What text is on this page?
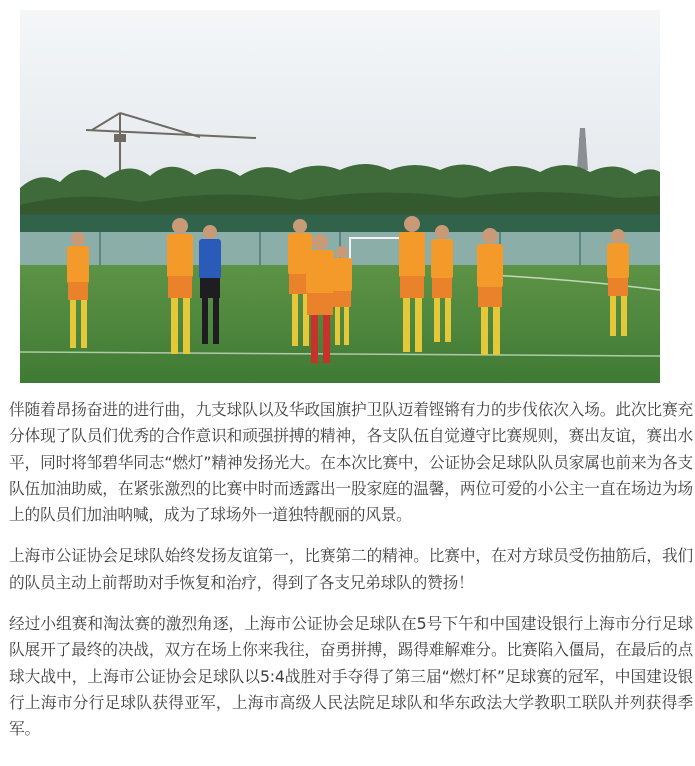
伴随着昂扬奋进的进行曲，九支球队以及华政国旗护卫队迈着铿锵有力的步伐依次入场。此次比赛充分体现了队员们优秀的合作意识和顽强拼搏的精神，各支队伍自觉遵守比赛规则，赛出友谊，赛出水平，同时将邹碧华同志“燃灯”精神发扬光大。在本次比赛中，公证协会足球队队员家属也前来为各支队伍加油助威，在紧张激烈的比赛中时而透露出一股家庭的温馨，两位可爱的小公主一直在场边为场上的队员们加油呐喊，成为了球场外一道独特靓丽的风景。

上海市公证协会足球队始终发扬友谊第一，比赛第二的精神。比赛中，在对方球员受伤抽筋后，我们的队员主动上前帮助对手恢复和治疗，得到了各支兄弟球队的赞扬！

经过小组赛和淘汰赛的激烈角逐，上海市公证协会足球队在5号下午和中国建设银行上海市分行足球队展开了最终的决战，双方在场上你来我往，奋勇拼搏，踢得难解难分。比赛陷入僵局，在最后的点球大战中，上海市公证协会足球队以5:4战胜对手夺得了第三届“燃灯杯”足球赛的冠军，中国建设银行上海市分行足球队获得亚军，上海市高级人民法院足球队和华东政法大学教职工联队并列获得季军。
